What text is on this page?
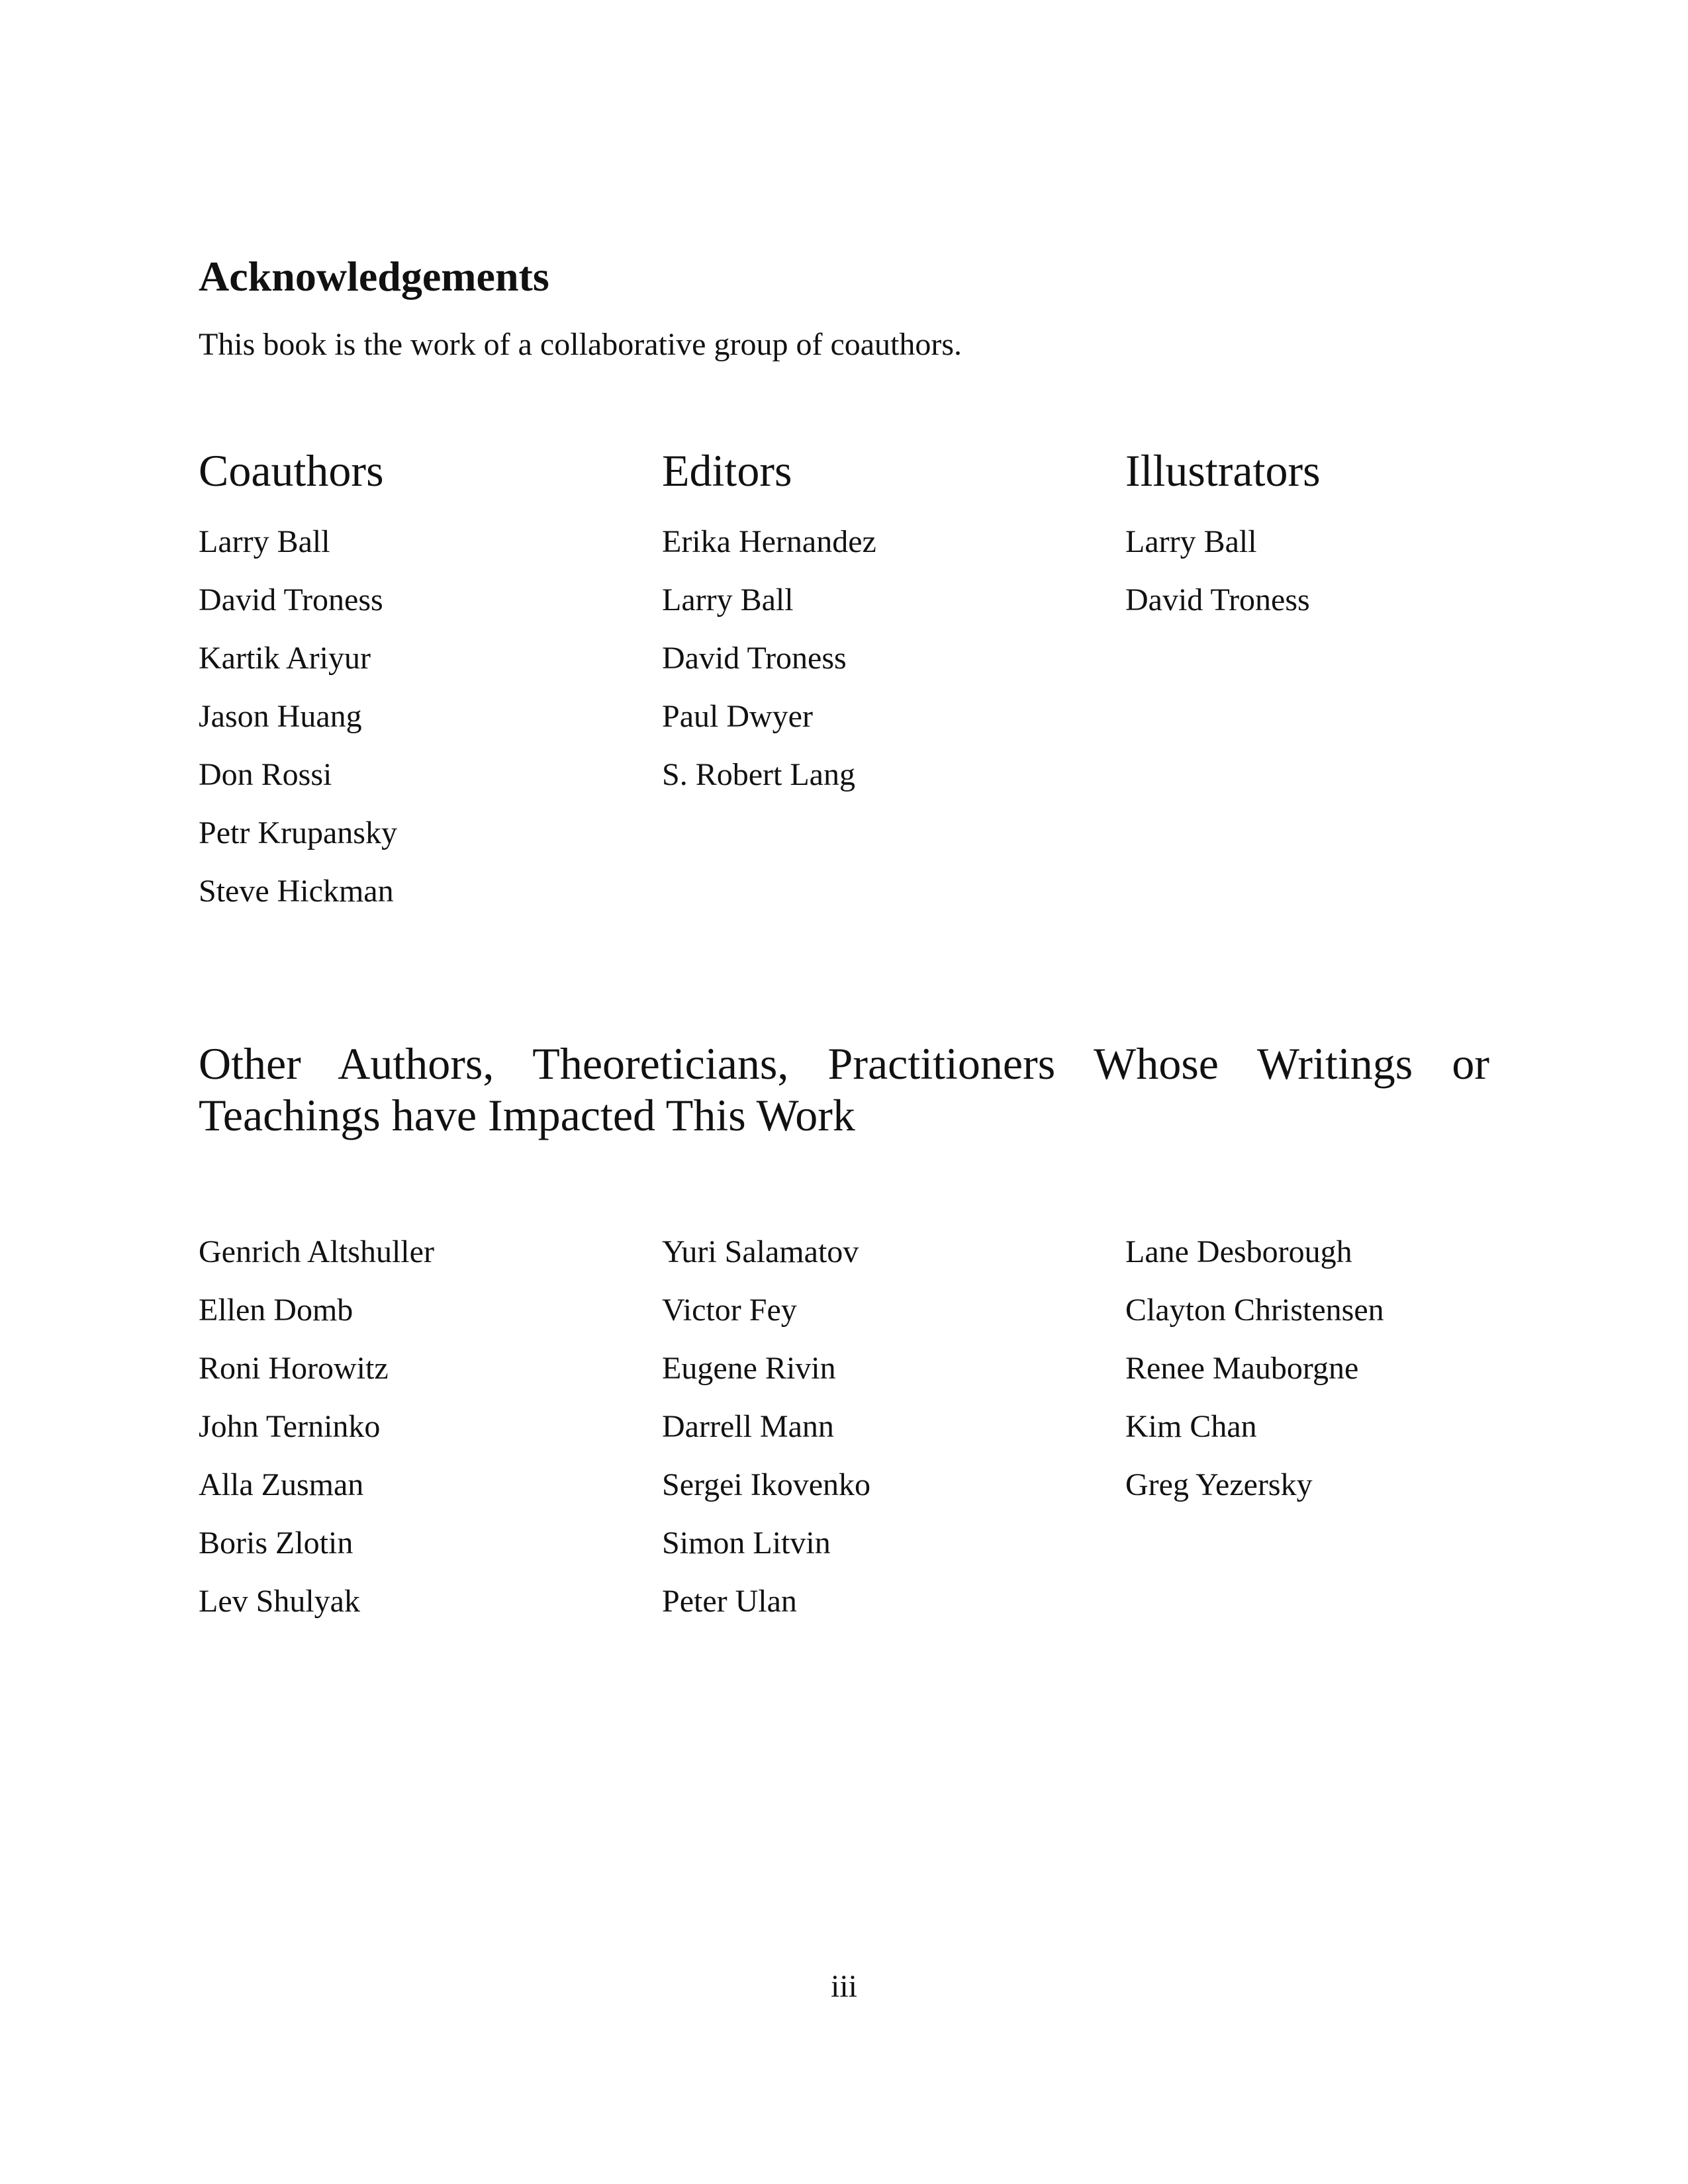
Acknowledgements

This book is the work of a collaborative group of coauthors.

Coauthors
Larry Ball
David Troness
Kartik Ariyur
Jason Huang
Don Rossi
Petr Krupansky
Steve Hickman
Editors
Erika Hernandez
Larry Ball
David Troness
Paul Dwyer
S. Robert Lang
Illustrators
Larry Ball
David Troness
Other Authors, Theoreticians, Practitioners Whose Writings or Teachings have Impacted This Work
Genrich Altshuller
Ellen Domb
Roni Horowitz
John Terninko
Alla Zusman
Boris Zlotin
Lev Shulyak
Yuri Salamatov
Victor Fey
Eugene Rivin
Darrell Mann
Sergei Ikovenko
Simon Litvin
Peter Ulan
Lane Desborough
Clayton Christensen
Renee Mauborgne
Kim Chan
Greg Yezersky

iii
